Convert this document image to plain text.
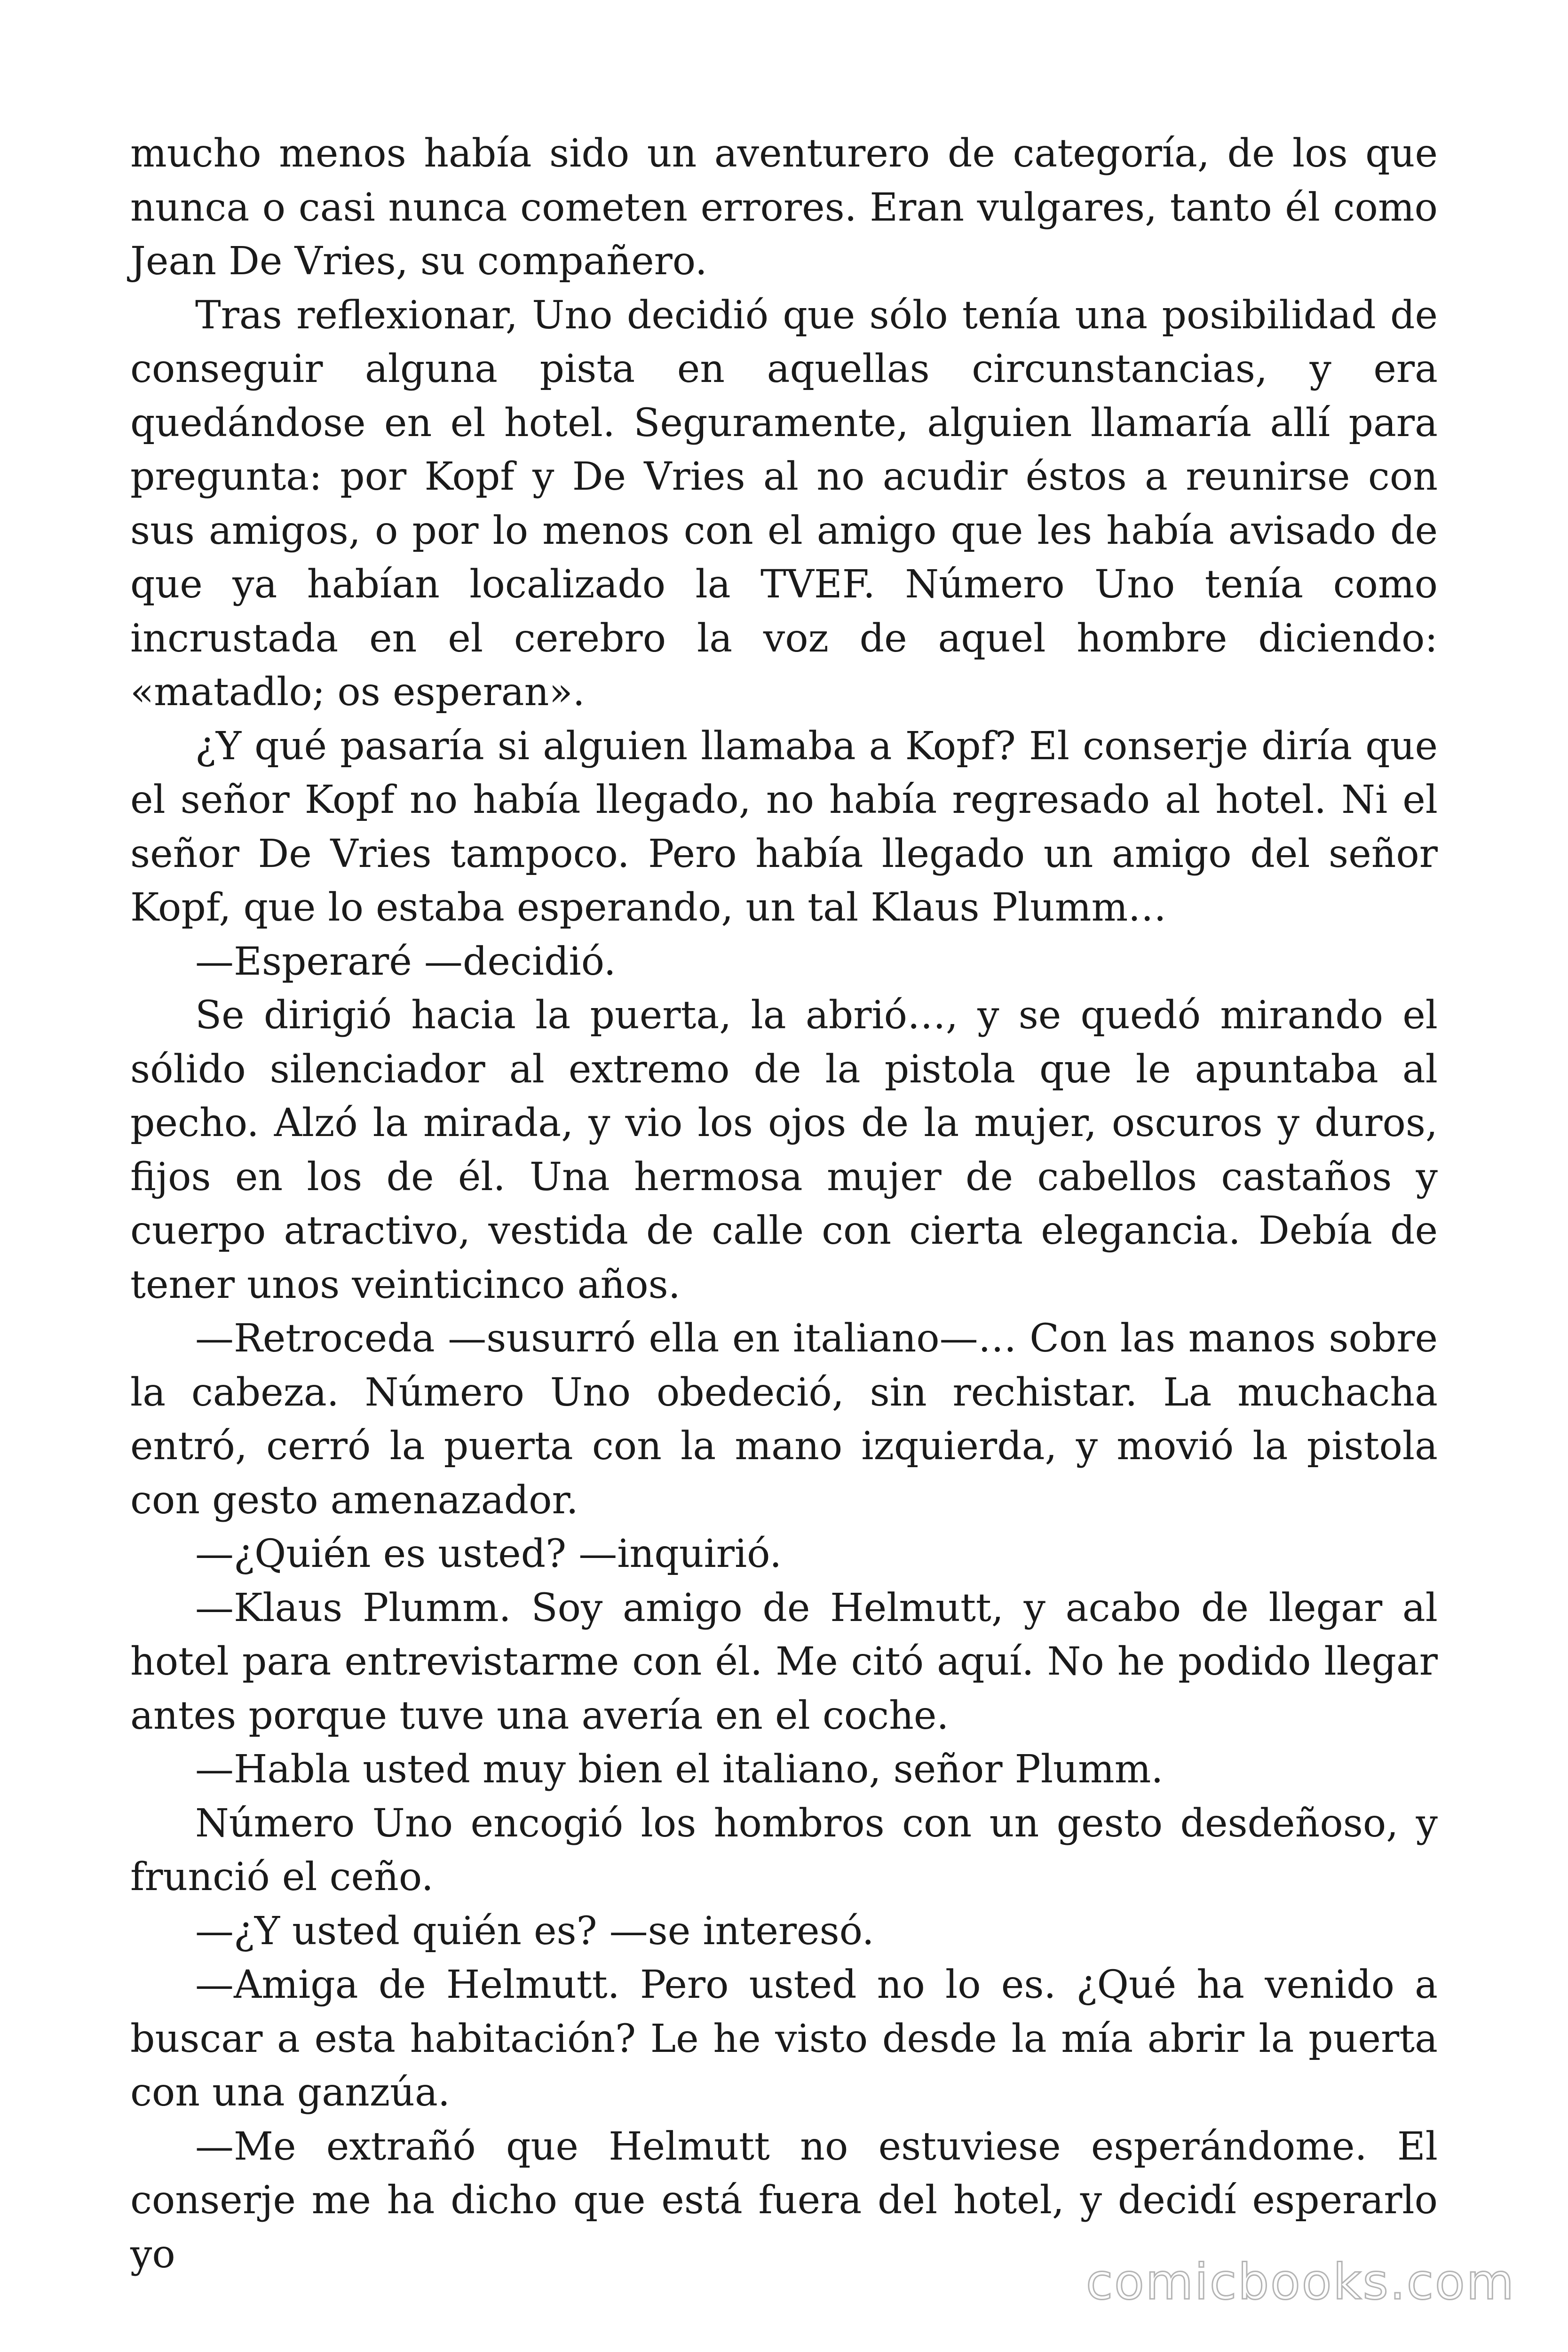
mucho menos había sido un aventurero de categoría, de los que nunca o casi nunca cometen errores. Eran vulgares, tanto él como Jean De Vries, su compañero.

Tras reflexionar, Uno decidió que sólo tenía una posibilidad de conseguir alguna pista en aquellas circunstancias, y era quedándose en el hotel. Seguramente, alguien llamaría allí para pregunta: por Kopf y De Vries al no acudir éstos a reunirse con sus amigos, o por lo menos con el amigo que les había avisado de que ya habían localizado la TVEF. Número Uno tenía como incrustada en el cerebro la voz de aquel hombre diciendo: «matadlo; os esperan».

¿Y qué pasaría si alguien llamaba a Kopf? El conserje diría que el señor Kopf no había llegado, no había regresado al hotel. Ni el señor De Vries tampoco. Pero había llegado un amigo del señor Kopf, que lo estaba esperando, un tal Klaus Plumm…

—Esperaré —decidió.

Se dirigió hacia la puerta, la abrió…, y se quedó mirando el sólido silenciador al extremo de la pistola que le apuntaba al pecho. Alzó la mirada, y vio los ojos de la mujer, oscuros y duros, fijos en los de él. Una hermosa mujer de cabellos castaños y cuerpo atractivo, vestida de calle con cierta elegancia. Debía de tener unos veinticinco años.

—Retroceda —susurró ella en italiano—… Con las manos sobre la cabeza. Número Uno obedeció, sin rechistar. La muchacha entró, cerró la puerta con la mano izquierda, y movió la pistola con gesto amenazador.

—¿Quién es usted? —inquirió.

—Klaus Plumm. Soy amigo de Helmutt, y acabo de llegar al hotel para entrevistarme con él. Me citó aquí. No he podido llegar antes porque tuve una avería en el coche.

—Habla usted muy bien el italiano, señor Plumm.

Número Uno encogió los hombros con un gesto desdeñoso, y frunció el ceño.

—¿Y usted quién es? —se interesó.

—Amiga de Helmutt. Pero usted no lo es. ¿Qué ha venido a buscar a esta habitación? Le he visto desde la mía abrir la puerta con una ganzúa.

—Me extrañó que Helmutt no estuviese esperándome. El conserje me ha dicho que está fuera del hotel, y decidí esperarlo yo	comicbooks.com
